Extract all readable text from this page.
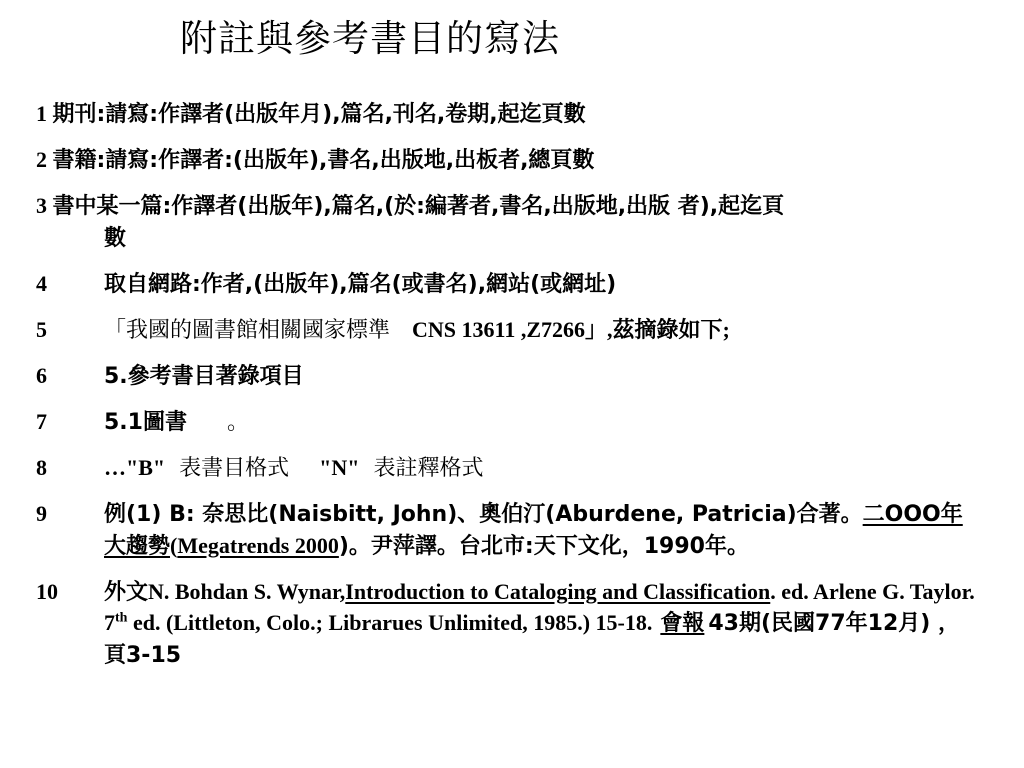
附註與參考書目的寫法
1 期刊:請寫:作譯者(出版年月),篇名,刊名,卷期,起迄頁數
2 書籍:請寫:作譯者:(出版年),書名,出版地,出板者,總頁數
3 書中某一篇:作譯者(出版年),篇名,(於:編著者,書名,出版地,出版 者),起迄頁
數
4	取自網路:作者,(出版年),篇名(或書名),網站(或網址)
5	「我國的圖書館相關國家標準 CNS 13611 ,Z7266」,茲摘錄如下;
6	5.參考書目著錄項目
7	5.1圖書 。
8	…"B" 表書目格式 "N" 表註釋格式
9	例(1) B: 奈思比(Naisbitt, John)、奧伯汀(Aburdene, Patricia)合著。二OOO年大趨勢(Megatrends 2000)。尹萍譯。台北市:天下文化，1990年。
10 外文N. Bohdan S. Wynar,Introduction to Cataloging and Classification. ed. Arlene G. Taylor. 7th ed. (Littleton, Colo.; Librarues Unlimited, 1985.) 15-18. 會報 43期(民國77年12月) ，頁3-15
